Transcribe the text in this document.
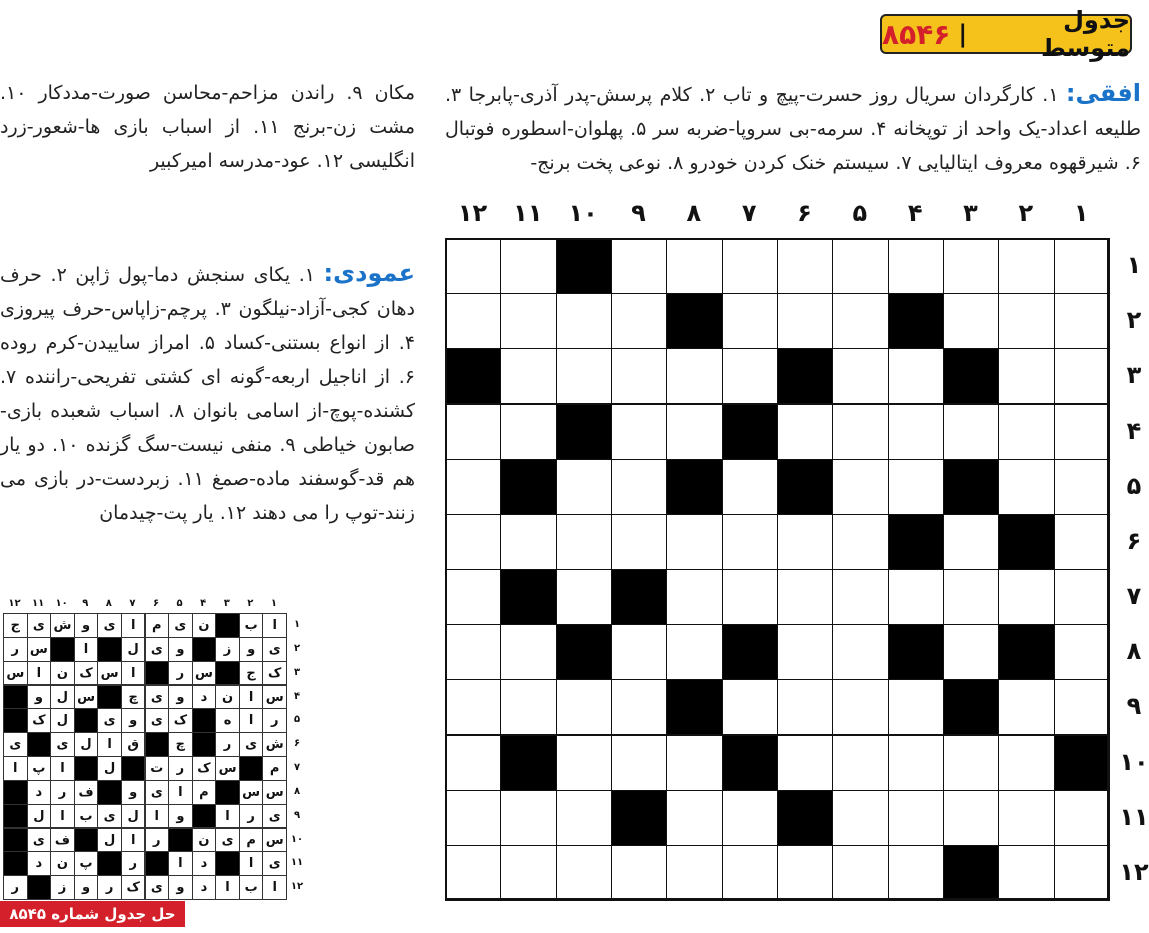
جدول متوسط
|
۸۵۴۶
افقی: ۱. کارگردان سریال روز حسرت-پیچ و تاب ۲. کلام پرسش-پدر آذری-پابرجا ۳. طلیعه اعداد-یک واحد از توپخانه ۴. سرمه-بی سروپا-ضربه سر ۵. پهلوان-اسطوره فوتبال ۶. شیرقهوه معروف ایتالیایی ۷. سیستم خنک کردن خودرو ۸. نوعی پخت برنج-
مکان ۹. راندن مزاحم-محاسن صورت-مددکار ۱۰. مشت زن-برنج ۱۱. از اسباب بازی ها-شعور-زرد انگلیسی ۱۲. عود-مدرسه امیرکبیر
عمودی: ۱. یکای سنجش دما-پول ژاپن ۲. حرف دهان کجی-آزاد-نیلگون ۳. پرچم-زاپاس-حرف پیروزی ۴. از انواع بستنی-کساد ۵. امراز ساییدن-کرم روده ۶. از اناجیل اربعه-گونه ای کشتی تفریحی-راننده ۷. کشنده-پوچ-از اسامی بانوان ۸. اسباب شعبده بازی-صابون خیاطی ۹. منفی نیست-سگ گزنده ۱۰. دو یار هم قد-گوسفند ماده-صمغ ۱۱. زبردست-در بازی می زنند-توپ را می دهند ۱۲. یار پت-چیدمان
۱
۲
۳
۴
۵
۶
۷
۸
۹
۱۰
۱۱
۱۲
۱
۲
۳
۴
۵
۶
۷
۸
۹
۱۰
۱۱
۱۲
۱
۲
۳
۴
۵
۶
۷
۸
۹
۱۰
۱۱
۱۲
۱
۲
۳
۴
۵
۶
۷
۸
۹
۱۰
۱۱
۱۲
ا
ب
ن
ی
م
ا
ی
و
ش
ی
ج
ی
و
ز
و
ی
ل
ا
س
ر
ک
ج
س
ر
ا
س
ک
ن
ا
س
س
ا
ن
د
و
ی
چ
س
ل
و
ر
ا
ه
ک
ی
و
ی
ل
ک
ش
ی
ر
چ
ق
ا
ل
ی
ی
م
س
ک
ر
ت
ل
ا
پ
ا
س
س
م
ا
ی
و
ف
ر
د
ی
ر
ا
و
ا
ل
ی
ب
ا
ل
س
م
ی
ن
ر
ا
ل
ف
ی
ی
ا
د
ا
ر
پ
ن
د
ا
ب
ا
د
و
ی
ک
ر
و
ز
ر
حل جدول شماره ۸۵۴۵
